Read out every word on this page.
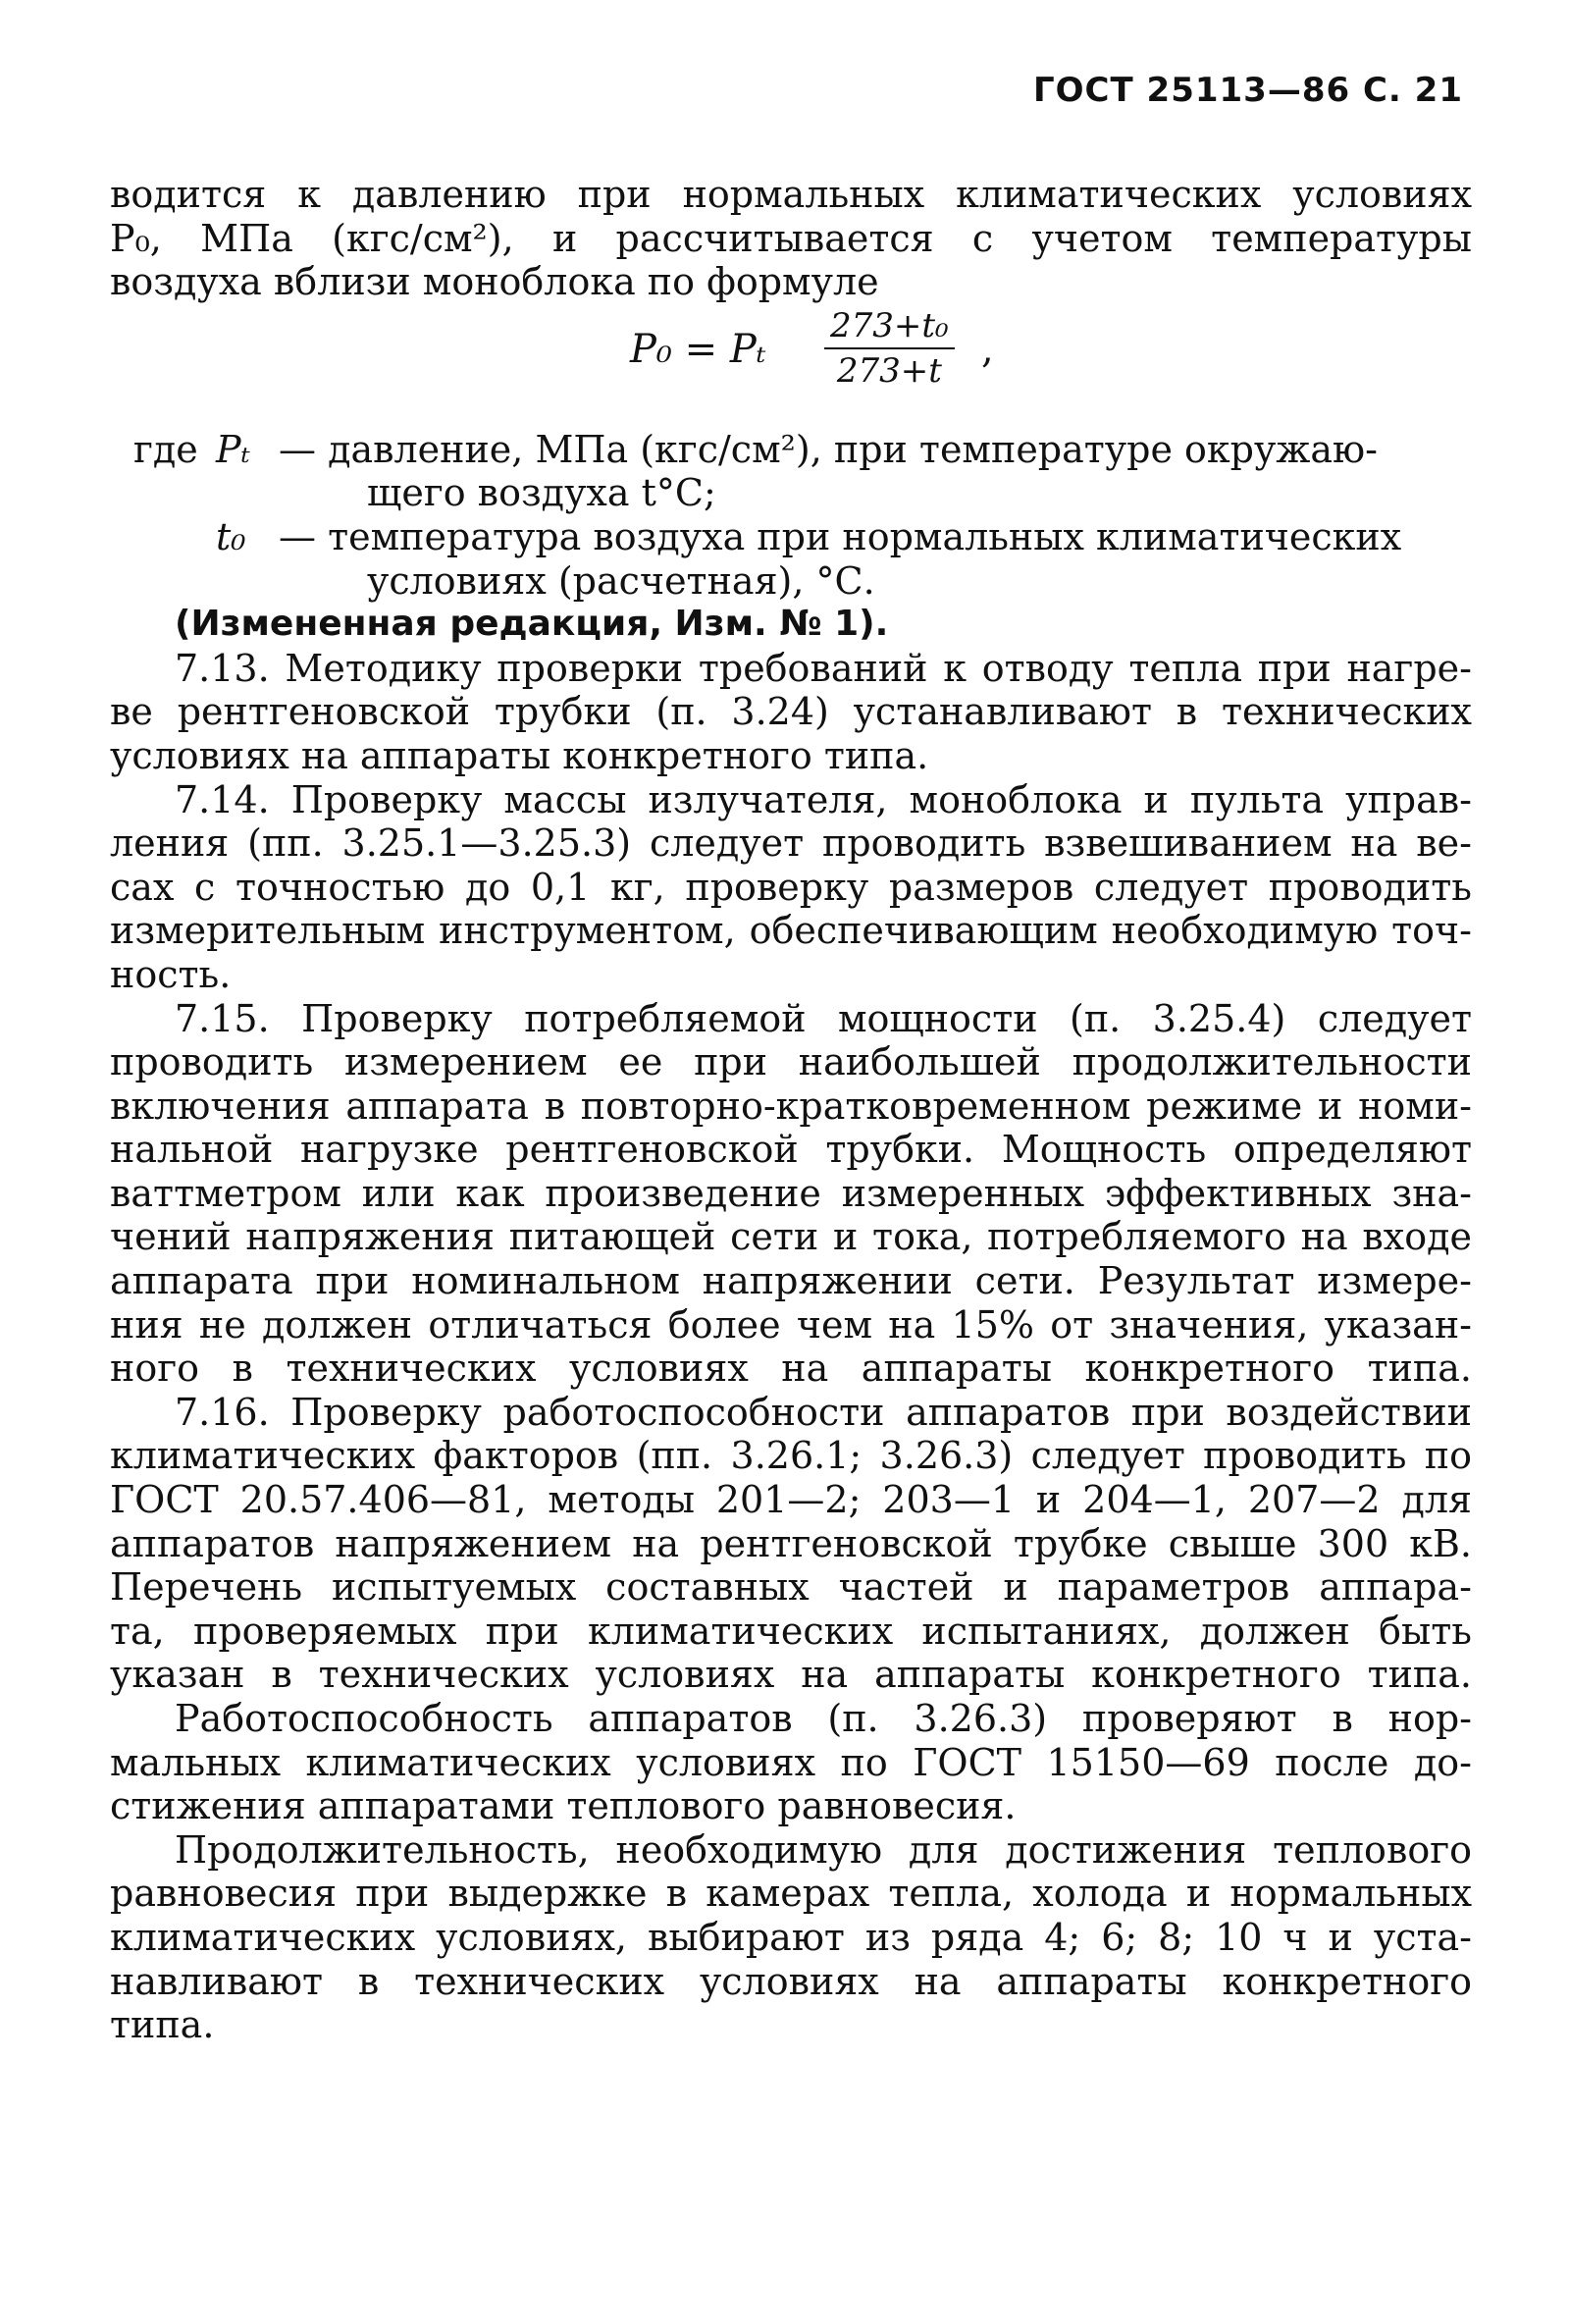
ГОСТ 25113—86 С. 21
водится к давлению при нормальных климатических условиях
P₀, МПа (кгс/см²), и рассчитывается с учетом температуры
воздуха вблизи моноблока по формуле
P₀ = Pₜ $\frac{\text{273+t₀}}{273+t}$ ,
где Pₜ — давление, МПа (кгс/см²), при температуре окружаю-
щего воздуха t°C;
t₀ — температура воздуха при нормальных климатических
условиях (расчетная), °С.
(Измененная редакция, Изм. № 1).
7.13. Методику проверки требований к отводу тепла при нагре-
ве рентгеновской трубки (п. 3.24) устанавливают в технических
условиях на аппараты конкретного типа.
7.14. Проверку массы излучателя, моноблока и пульта управ-
ления (пп. 3.25.1—3.25.3) следует проводить взвешиванием на ве-
сах с точностью до 0,1 кг, проверку размеров следует проводить
измерительным инструментом, обеспечивающим необходимую точ-
ность.
7.15. Проверку потребляемой мощности (п. 3.25.4) следует
проводить измерением ее при наибольшей продолжительности
включения аппарата в повторно-кратковременном режиме и номи-
нальной нагрузке рентгеновской трубки. Мощность определяют
ваттметром или как произведение измеренных эффективных зна-
чений напряжения питающей сети и тока, потребляемого на входе
аппарата при номинальном напряжении сети. Результат измере-
ния не должен отличаться более чем на 15% от значения, указан-
ного в технических условиях на аппараты конкретного типа.
7.16. Проверку работоспособности аппаратов при воздействии
климатических факторов (пп. 3.26.1; 3.26.3) следует проводить по
ГОСТ 20.57.406—81, методы 201—2; 203—1 и 204—1, 207—2 для
аппаратов напряжением на рентгеновской трубке свыше 300 кВ.
Перечень испытуемых составных частей и параметров аппара-
та, проверяемых при климатических испытаниях, должен быть
указан в технических условиях на аппараты конкретного типа.
Работоспособность аппаратов (п. 3.26.3) проверяют в нор-
мальных климатических условиях по ГОСТ 15150—69 после до-
стижения аппаратами теплового равновесия.
Продолжительность, необходимую для достижения теплового
равновесия при выдержке в камерах тепла, холода и нормальных
климатических условиях, выбирают из ряда 4; 6; 8; 10 ч и уста-
навливают в технических условиях на аппараты конкретного
типа.
